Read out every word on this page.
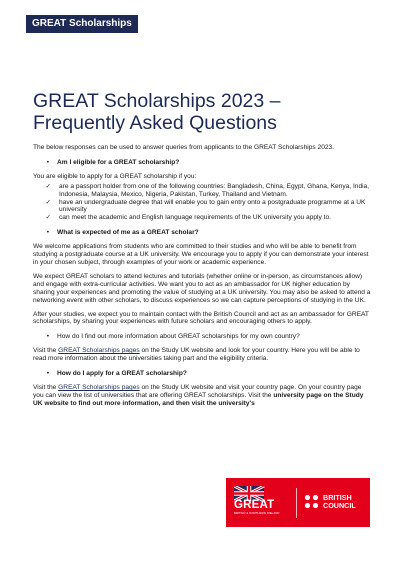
GREAT Scholarships
GREAT Scholarships 2023 –
Frequently Asked Questions

The below responses can be used to answer queries from applicants to the GREAT Scholarships 2023.

•	Am I eligible for a GREAT scholarship?

You are eligible to apply for a GREAT scholarship if you:

✓	are a passport holder from one of the following countries: Bangladesh, China, Egypt, Ghana, Kenya, India, Indonesia, Malaysia, Mexico, Nigeria, Pakistan, Turkey, Thailand and Vietnam.
✓	have an undergraduate degree that will enable you to gain entry onto a postgraduate programme at a UK university
✓	can meet the academic and English language requirements of the UK university you apply to.
•	What is expected of me as a GREAT scholar?

We welcome applications from students who are committed to their studies and who will be able to benefit from studying a postgraduate course at a UK university. We encourage you to apply if you can demonstrate your interest in your chosen subject, through examples of your work or academic experience.

We expect GREAT scholars to attend lectures and tutorials (whether online or in-person, as circumstances allow) and engage with extra-curricular activities. We want you to act as an ambassador for UK higher education by sharing your experiences and promoting the value of studying at a UK university. You may also be asked to attend a networking event with other scholars, to discuss experiences so we can capture perceptions of studying in the UK.

After your studies, we expect you to maintain contact with the British Council and act as an ambassador for GREAT scholarships, by sharing your experiences with future scholars and encouraging others to apply.

•	How do I find out more information about GREAT scholarships for my own country?

Visit the GREAT Scholarships pages on the Study UK website and look for your country. Here you will be able to read more information about the universities taking part and the eligibility criteria.

•	How do I apply for a GREAT scholarship?

Visit the GREAT Scholarships pages on the Study UK website and visit your country page. On your country page you can view the list of universities that are offering GREAT scholarships. Visit the university page on the Study UK website to find out more information, and then visit the university's

GREAT
BRITAIN & NORTHERN IRELAND
BRITISH
COUNCIL
